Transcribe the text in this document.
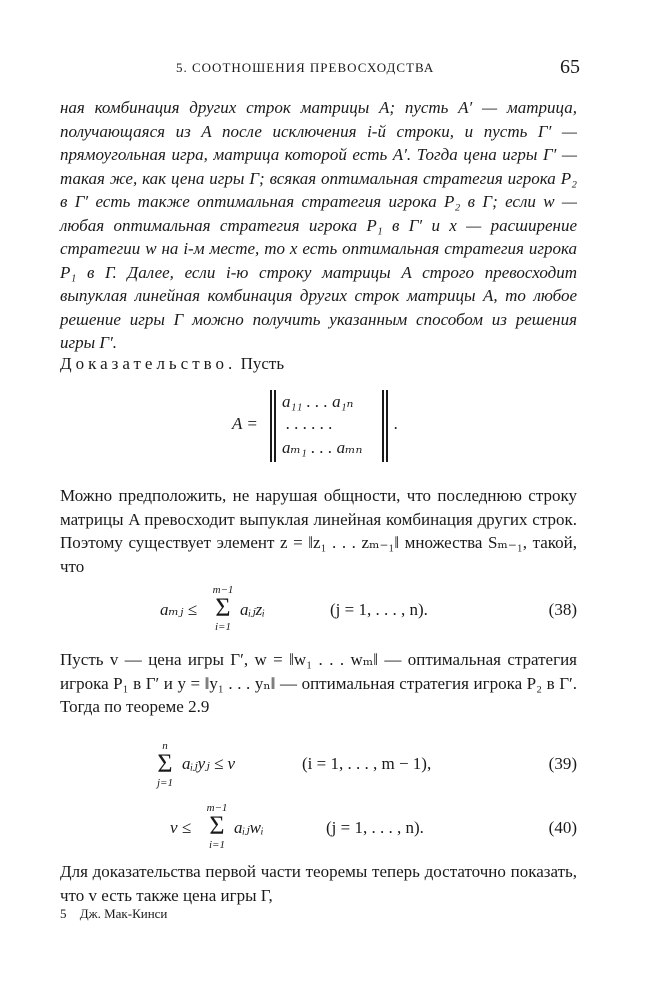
5. СООТНОШЕНИЯ ПРЕВОСХОДСТВА	65
ная комбинация других строк матрицы A; пусть A′ — матрица, получающаяся из A после исключения i-й строки, и пусть Γ′ — прямоугольная игра, матрица которой есть A′. Тогда цена игры Γ′ — такая же, как цена игры Γ; всякая оптимальная стратегия игрока P₂ в Γ′ есть также оптимальная стратегия игрока P₂ в Γ; если w — любая оптимальная стратегия игрока P₁ в Γ′ и x — расширение стратегии w на i-м месте, то x есть оптимальная стратегия игрока P₁ в Γ. Далее, если i-ю строку матрицы A строго превосходит выпуклая линейная комбинация других строк матрицы A, то любое решение игры Γ можно получить указанным способом из решения игры Γ′.
Доказательство. Пусть
A =
a₁₁ . . . a₁ₙ
. . . . . .
aₘ₁ . . . aₘₙ
.
Можно предположить, не нарушая общности, что последнюю строку матрицы A превосходит выпуклая линейная комбинация других строк. Поэтому существует элемент z = ‖z₁ . . . zₘ₋₁‖ множества Sₘ₋₁, такой, что
aₘⱼ ≤
m−1
Σ
i=1
aᵢⱼzᵢ	(j = 1, . . . , n).	(38)
Пусть v — цена игры Γ′, w = ‖w₁ . . . wₘ‖ — оптимальная стратегия игрока P₁ в Γ′ и y = ‖y₁ . . . yₙ‖ — оптимальная стратегия игрока P₂ в Γ′. Тогда по теореме 2.9
n
Σ
j=1
aᵢⱼyⱼ ≤ v	(i = 1, . . . , m − 1),	(39)
v ≤
m−1
Σ
i=1
aᵢⱼwᵢ	(j = 1, . . . , n).	(40)
Для доказательства первой части теоремы теперь достаточно показать, что v есть также цена игры Γ,
5 Дж. Мак-Кинси
